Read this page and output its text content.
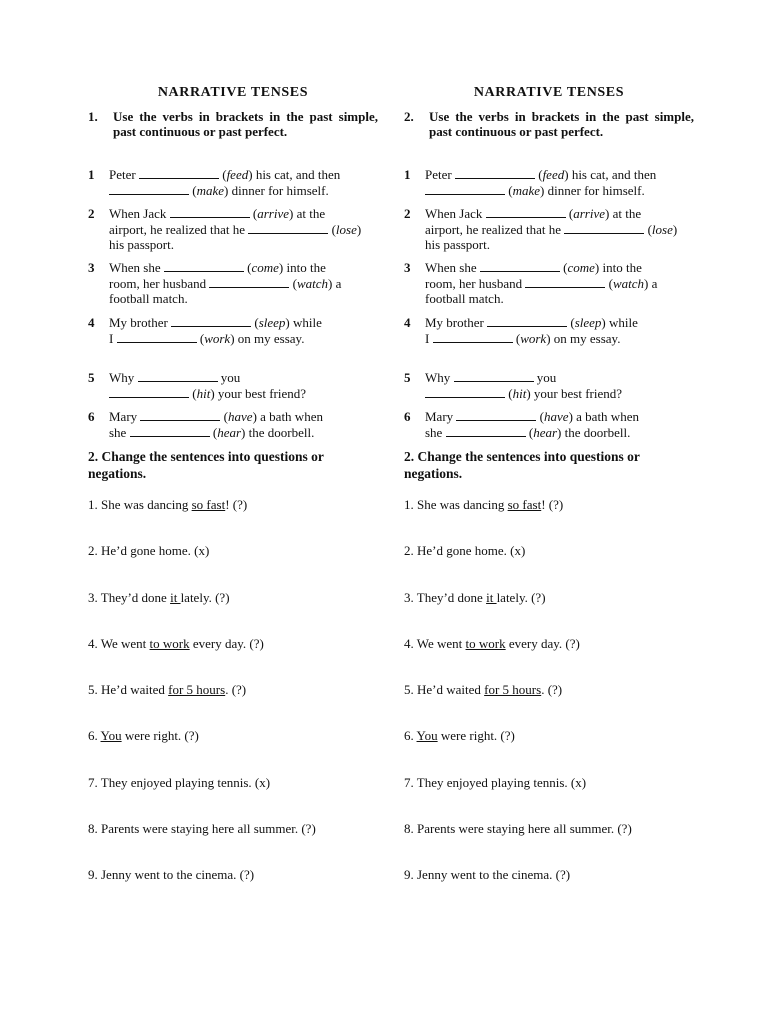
NARRATIVE TENSES
1. Use the verbs in brackets in the past simple, past continuous or past perfect.
2. Change the sentences into questions or negations.
1 Peter	(feed) his cat, and then
(make) dinner for himself.
2 When Jack	(arrive) at the
airport, he realized that he	(lose) his passport.
3 When she	(come) into the
room, her husband	(watch) a football match.
4 My brother	(sleep) while
I	(work) on my essay.
5 Why	you
(hit) your best friend?
6 Mary	(have) a bath when
she	(hear) the doorbell.
1. She was dancing so fast! (?)
2. He’d gone home. (x)
3. They’d done it lately. (?)
4. We went to work every day. (?)
5. He’d waited for 5 hours. (?)
6. You were right. (?)
7. They enjoyed playing tennis. (x)
8. Parents were staying here all summer. (?)
9. Jenny went to the cinema. (?)
NARRATIVE TENSES
2. Use the verbs in brackets in the past simple, past continuous or past perfect.
2. Change the sentences into questions or negations.
1 Peter	(feed) his cat, and then
(make) dinner for himself.
2 When Jack	(arrive) at the
airport, he realized that he	(lose) his passport.
3 When she	(come) into the
room, her husband	(watch) a football match.
4 My brother	(sleep) while
I	(work) on my essay.
5 Why	you
(hit) your best friend?
6 Mary	(have) a bath when
she	(hear) the doorbell.
1. She was dancing so fast! (?)
2. He’d gone home. (x)
3. They’d done it lately. (?)
4. We went to work every day. (?)
5. He’d waited for 5 hours. (?)
6. You were right. (?)
7. They enjoyed playing tennis. (x)
8. Parents were staying here all summer. (?)
9. Jenny went to the cinema. (?)
